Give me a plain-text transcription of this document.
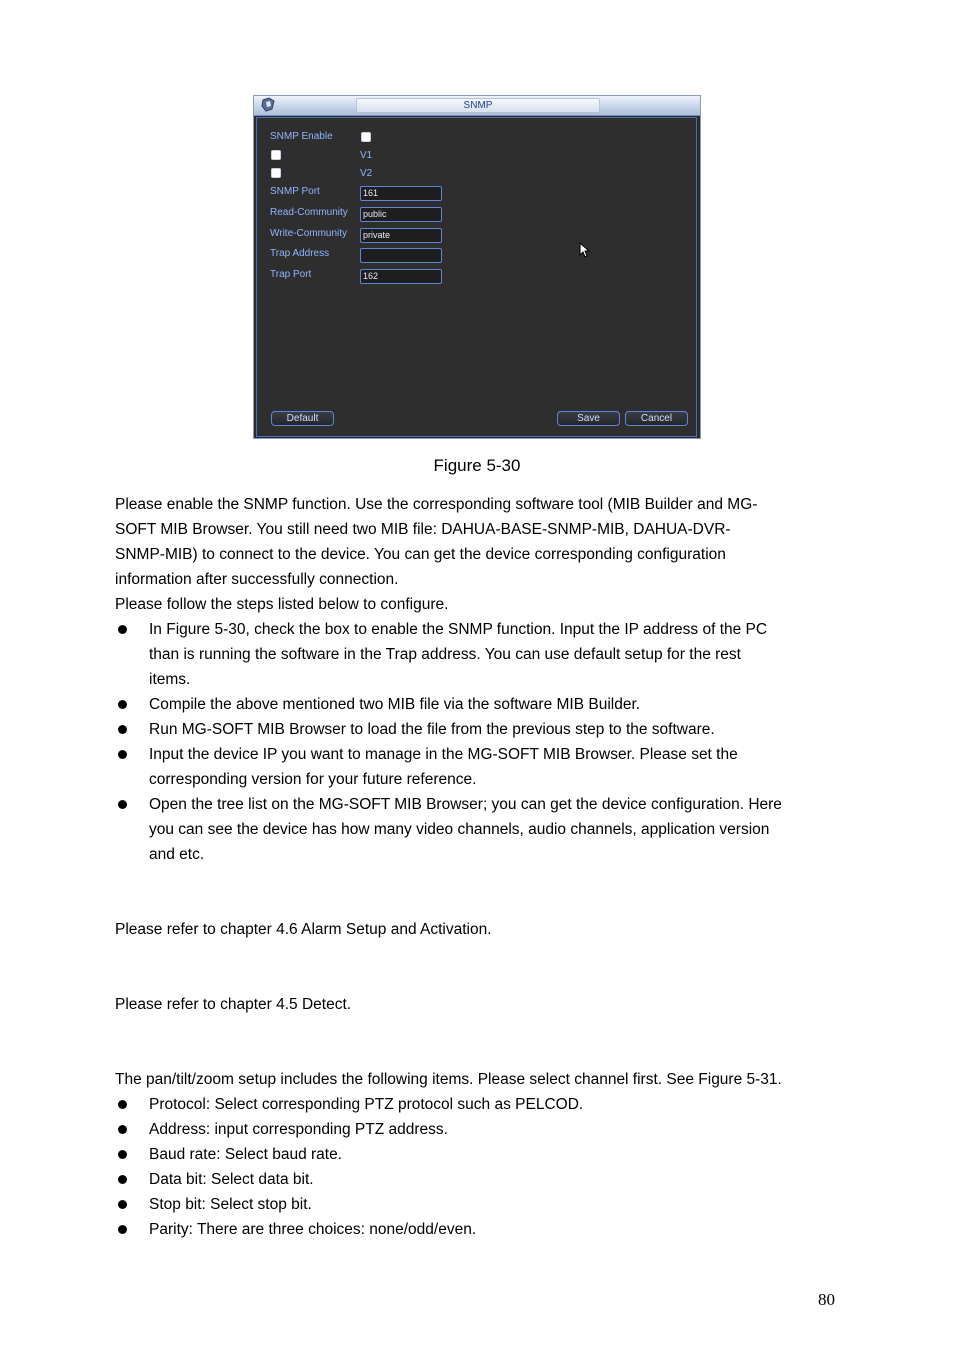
SNMP
SNMP Enable
V1
V2
SNMP Port	161
Read-Community	public
Write-Community	private
Trap Address
Trap Port	162
Default	Save	Cancel
Figure 5-30
Please enable the SNMP function. Use the corresponding software tool (MIB Builder and MG-
SOFT MIB Browser. You still need two MIB file: DAHUA-BASE-SNMP-MIB, DAHUA-DVR-
SNMP-MIB) to connect to the device. You can get the device corresponding configuration
information after successfully connection.
Please follow the steps listed below to configure.
In Figure 5-30, check the box to enable the SNMP function. Input the IP address of the PC
than is running the software in the Trap address. You can use default setup for the rest
items.
Compile the above mentioned two MIB file via the software MIB Builder.
Run MG-SOFT MIB Browser to load the file from the previous step to the software.
Input the device IP you want to manage in the MG-SOFT MIB Browser. Please set the
corresponding version for your future reference.
Open the tree list on the MG-SOFT MIB Browser; you can get the device configuration. Here
you can see the device has how many video channels, audio channels, application version
and etc.
Please refer to chapter 4.6 Alarm Setup and Activation.
Please refer to chapter 4.5 Detect.
The pan/tilt/zoom setup includes the following items. Please select channel first. See Figure 5-31.
Protocol: Select corresponding PTZ protocol such as PELCOD.
Address: input corresponding PTZ address.
Baud rate: Select baud rate.
Data bit: Select data bit.
Stop bit: Select stop bit.
Parity: There are three choices: none/odd/even.
80
